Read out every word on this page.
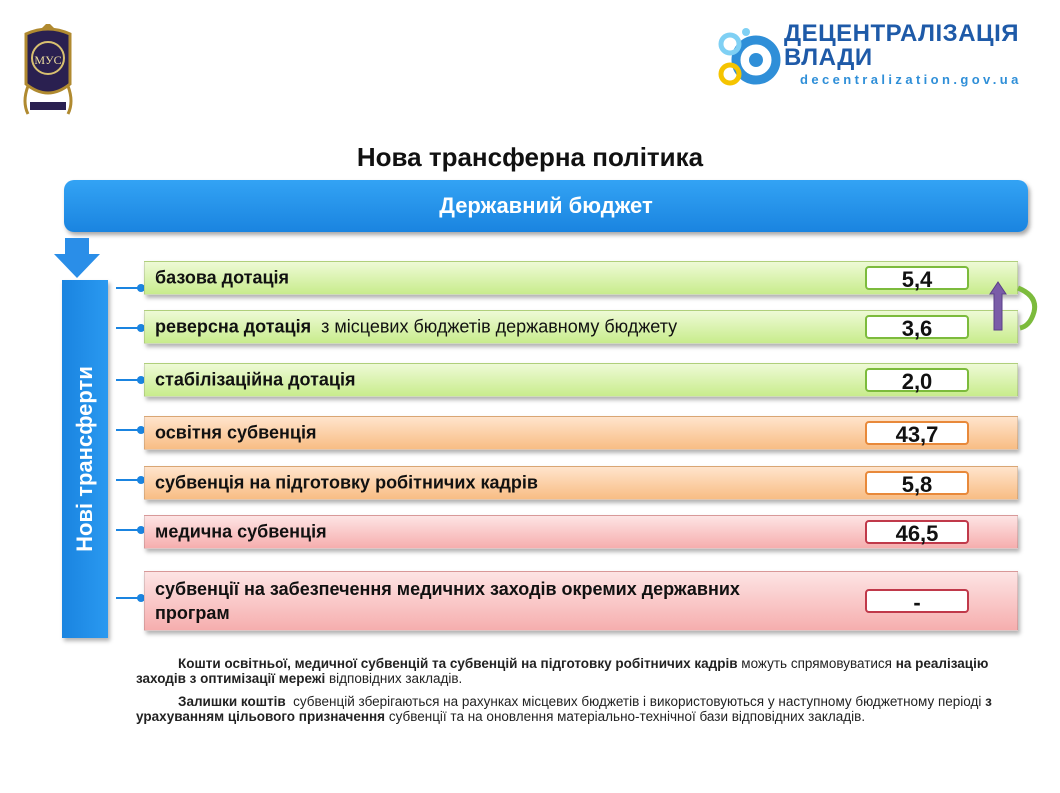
МУС
ДЕЦЕНТРАЛІЗАЦІЯ
ВЛАДИ
decentralization.gov.ua
Нова трансферна політика
Державний бюджет
Нові трансферти
базова дотація	5,4
реверсна дотація  з місцевих бюджетів державному бюджету	3,6
стабілізаційна дотація	2,0
освітня субвенція	43,7
субвенція на підготовку робітничих кадрів	5,8
медична субвенція	46,5
субвенції на забезпечення медичних заходів окремих державних програм	-

Кошти освітньої, медичної субвенцій та субвенцій на підготовку робітничих кадрів можуть спрямовуватися на реалізацію заходів з оптимізації мережі відповідних закладів.

Залишки коштів  субвенцій зберігаються на рахунках місцевих бюджетів і використовуються у наступному бюджетному періоді з урахуванням цільового призначення субвенції та на оновлення матеріально-технічної бази відповідних закладів.
